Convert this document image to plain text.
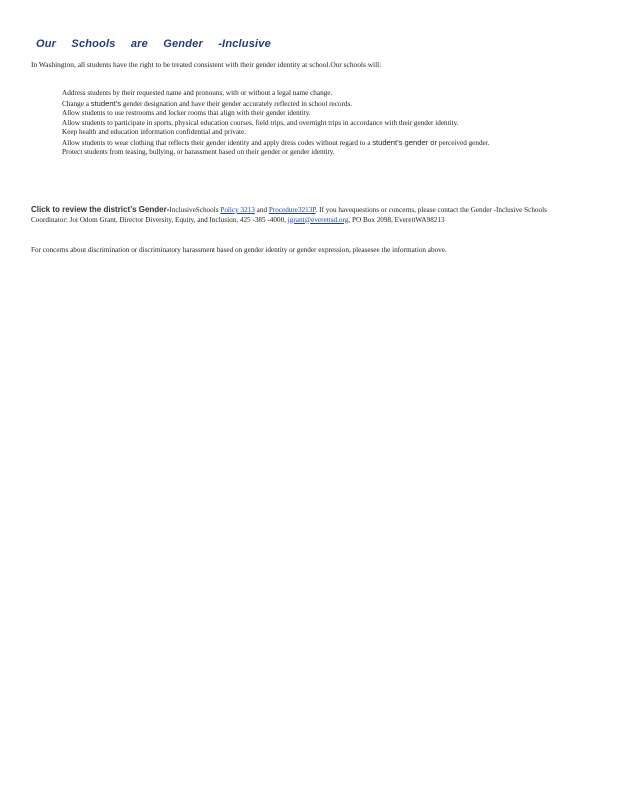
Our Schools are Gender -Inclusive

In Washington, all students have the right to be treated consistent with their gender identity at school.Our schools will:

Address students by their requested name and pronouns, with or without a legal name change.
Change a student’s gender designation and have their gender accurately reflected in school records.
Allow students to use restrooms and locker rooms that align with their gender identity.
Allow students to participate in sports, physical education courses, field trips, and overnight trips in accordance with their gender identity.
Keep health and education information confidential and private.
Allow students to wear clothing that reflects their gender identity and apply dress codes without regard to a student’s gender or perceived gender.
Protect students from teasing, bullying, or harassment based on their gender or gender identity.

Click to review the district’s Gender-InclusiveSchools Policy 3213 and Procedure3213P. If you havequestions or concerns, please contact the Gender -Inclusive Schools Coordinator: Joi Odom Grant, Director Diversity, Equity, and Inclusion, 425 -385 -4000, jgrant@everettsd.org, PO Box 2098, EverettWA98213

For concerns about discrimination or discriminatory harassment based on gender identity or gender expression, pleasesee the information above.
